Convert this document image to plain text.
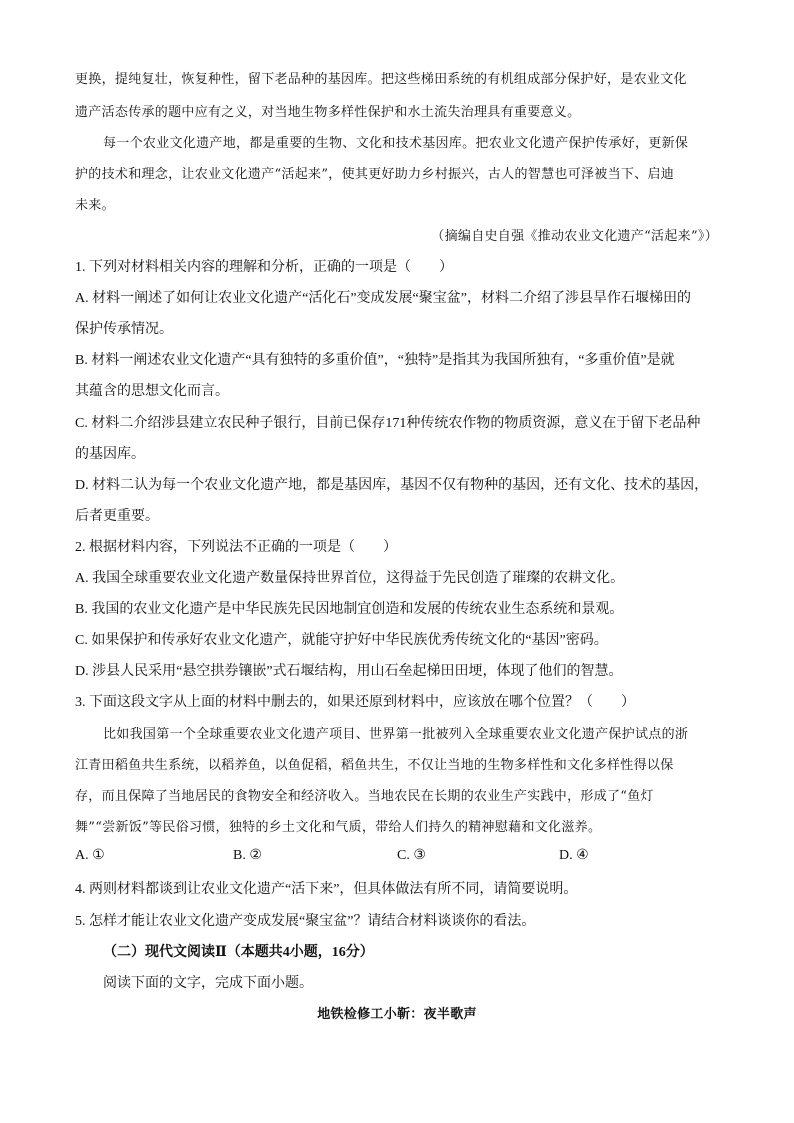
更换，提纯复壮，恢复种性，留下老品种的基因库。把这些梯田系统的有机组成部分保护好，是农业文化
遗产活态传承的题中应有之义，对当地生物多样性保护和水土流失治理具有重要意义。
每一个农业文化遗产地，都是重要的生物、文化和技术基因库。把农业文化遗产保护传承好，更新保
护的技术和理念，让农业文化遗产“活起来”，使其更好助力乡村振兴，古人的智慧也可泽被当下、启迪
未来。
（摘编自史自强《推动农业文化遗产“活起来”》）
1. 下列对材料相关内容的理解和分析，正确的一项是（　　）
A. 材料一阐述了如何让农业文化遗产“活化石”变成发展“聚宝盆”，材料二介绍了涉县旱作石堰梯田的
保护传承情况。
B. 材料一阐述农业文化遗产“具有独特的多重价值”，“独特”是指其为我国所独有，“多重价值”是就
其蕴含的思想文化而言。
C. 材料二介绍涉县建立农民种子银行，目前已保存171种传统农作物的物质资源，意义在于留下老品种
的基因库。
D. 材料二认为每一个农业文化遗产地，都是基因库，基因不仅有物种的基因，还有文化、技术的基因，
后者更重要。
2. 根据材料内容，下列说法不正确的一项是（　　）
A. 我国全球重要农业文化遗产数量保持世界首位，这得益于先民创造了璀璨的农耕文化。
B. 我国的农业文化遗产是中华民族先民因地制宜创造和发展的传统农业生态系统和景观。
C. 如果保护和传承好农业文化遗产，就能守护好中华民族优秀传统文化的“基因”密码。
D. 涉县人民采用“悬空拱券镶嵌”式石堰结构，用山石垒起梯田田埂，体现了他们的智慧。
3. 下面这段文字从上面的材料中删去的，如果还原到材料中，应该放在哪个位置？（　　）
比如我国第一个全球重要农业文化遗产项目、世界第一批被列入全球重要农业文化遗产保护试点的浙
江青田稻鱼共生系统，以稻养鱼，以鱼促稻，稻鱼共生，不仅让当地的生物多样性和文化多样性得以保
存，而且保障了当地居民的食物安全和经济收入。当地农民在长期的农业生产实践中，形成了“鱼灯
舞”“尝新饭”等民俗习惯，独特的乡土文化和气质，带给人们持久的精神慰藉和文化滋养。
A. ①	B. ②	C. ③	D. ④
4. 两则材料都谈到让农业文化遗产“活下来”，但具体做法有所不同，请简要说明。
5. 怎样才能让农业文化遗产变成发展“聚宝盆”？请结合材料谈谈你的看法。
（二）现代文阅读Ⅱ（本题共4小题，16分）
阅读下面的文字，完成下面小题。
地铁检修工小靳：夜半歌声
